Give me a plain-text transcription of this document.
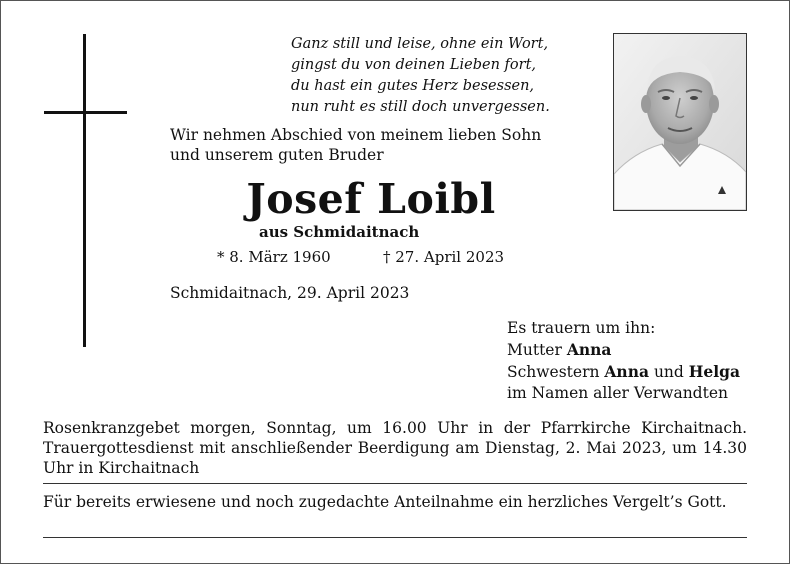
Ganz still und leise, ohne ein Wort,
gingst du von deinen Lieben fort,
du hast ein gutes Herz besessen,
nun ruht es still doch unvergessen.
Wir nehmen Abschied von meinem lieben Sohn
und unserem guten Bruder
Josef Loibl
aus Schmidaitnach
* 8. März 1960	† 27. April 2023
Schmidaitnach, 29. April 2023
Es trauern um ihn:
Mutter Anna
Schwestern Anna und Helga
im Namen aller Verwandten
Rosenkranzgebet morgen, Sonntag, um 16.00 Uhr in der Pfarrkirche Kirchaitnach. Trauergottesdienst mit anschließender Beerdigung am Dienstag, 2. Mai 2023, um 14.30 Uhr in Kirchaitnach
Für bereits erwiesene und noch zugedachte Anteilnahme ein herzliches Vergelt’s Gott.
